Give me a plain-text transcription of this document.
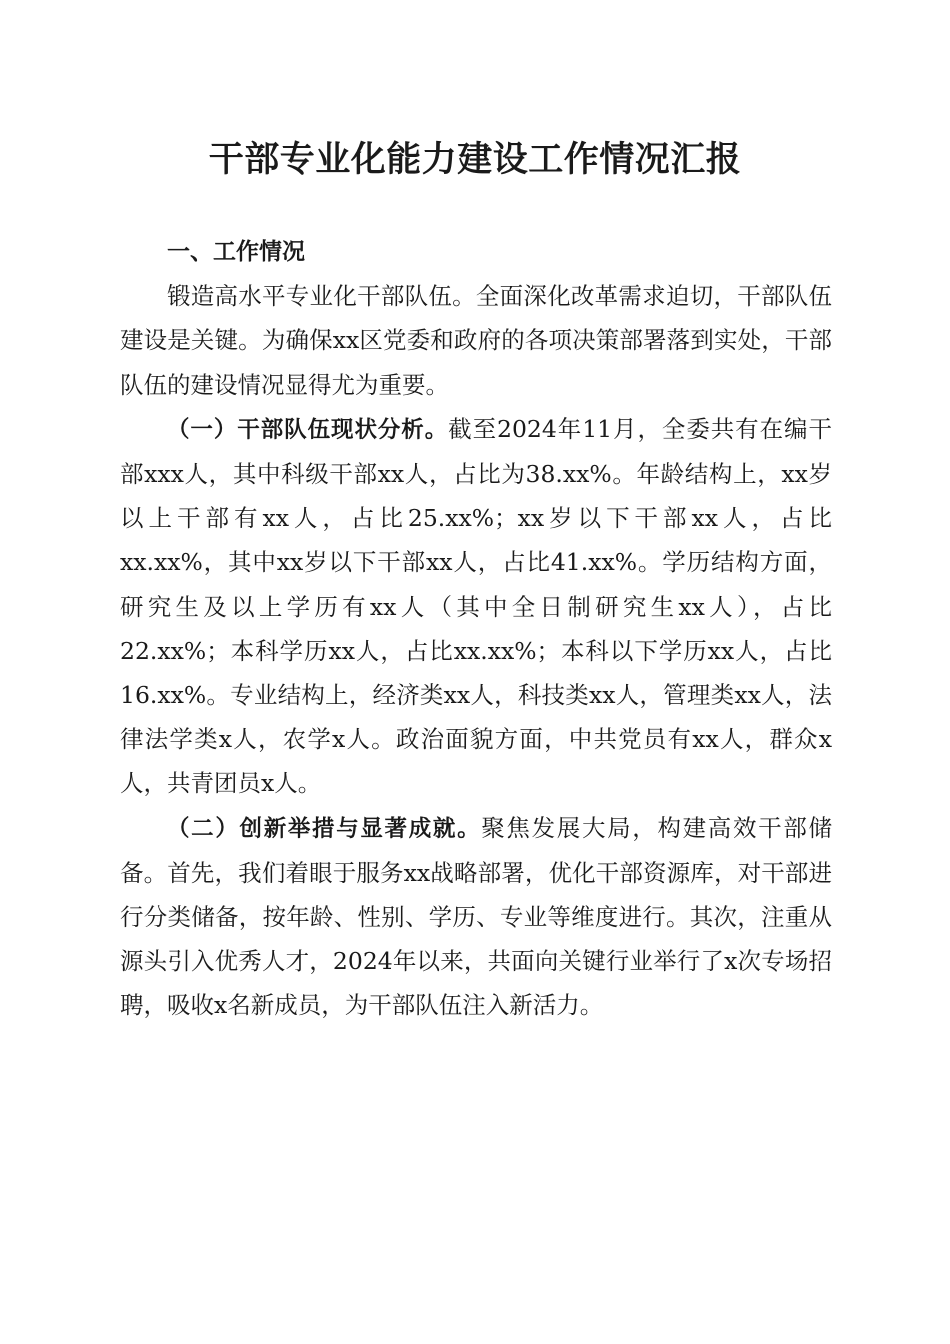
干部专业化能力建设工作情况汇报
一、工作情况

锻造高水平专业化干部队伍。全面深化改革需求迫切，干部队伍建设是关键。为确保xx区党委和政府的各项决策部署落到实处，干部队伍的建设情况显得尤为重要。

（一）干部队伍现状分析。截至2024年11月，全委共有在编干部xxx人，其中科级干部xx人，占比为38.xx%。年龄结构上，xx岁以上干部有xx人，占比25.xx%；xx岁以下干部xx人，占比xx.xx%，其中xx岁以下干部xx人，占比41.xx%。学历结构方面，研究生及以上学历有xx人（其中全日制研究生xx人），占比22.xx%；本科学历xx人，占比xx.xx%；本科以下学历xx人，占比16.xx%。专业结构上，经济类xx人，科技类xx人，管理类xx人，法律法学类x人，农学x人。政治面貌方面，中共党员有xx人，群众x人，共青团员x人。

（二）创新举措与显著成就。聚焦发展大局，构建高效干部储备。首先，我们着眼于服务xx战略部署，优化干部资源库，对干部进行分类储备，按年龄、性别、学历、专业等维度进行。其次，注重从源头引入优秀人才，2024年以来，共面向关键行业举行了x次专场招聘，吸收x名新成员，为干部队伍注入新活力。
